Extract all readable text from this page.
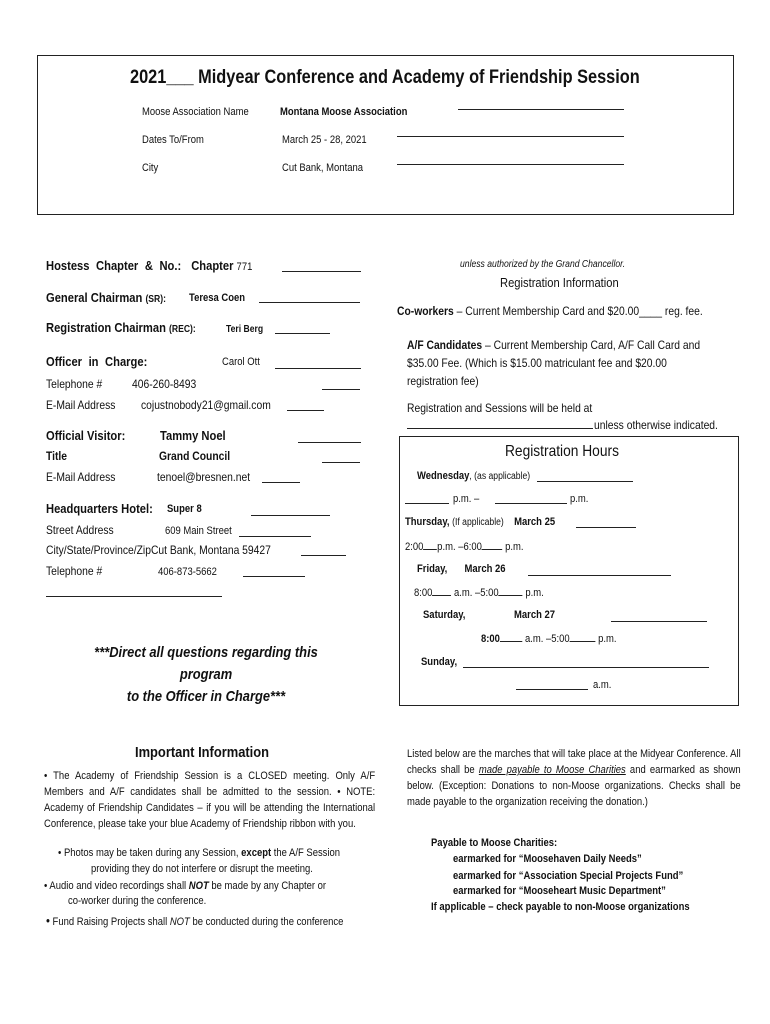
2021___ Midyear Conference and Academy of Friendship Session
Moose Association Name	Montana Moose Association
Dates To/From	March 25 - 28, 2021
City	Cut Bank, Montana
Hostess Chapter & No.: Chapter 771
General Chairman (SR):	Teresa Coen
Registration Chairman (REC):	Teri Berg
Officer in Charge:	Carol Ott
Telephone #	406-260-8493
E-Mail Address	cojustnobody21@gmail.com
Official Visitor:	Tammy Noel
Title	Grand Council
E-Mail Address	tenoel@bresnen.net
Headquarters Hotel:	Super 8
Street Address	609 Main Street
City/State/Province/ZipCut Bank, Montana 59427
Telephone #	406-873-5662
***Direct all questions regarding this program
to the Officer in Charge***
unless authorized by the Grand Chancellor.
Registration Information
Co-workers – Current Membership Card and $20.00____ reg. fee.
A/F Candidates – Current Membership Card, A/F Call Card and
$35.00 Fee. (Which is $15.00 matriculant fee and $20.00
registration fee)
Registration and Sessions will be held at
unless otherwise indicated.
Registration Hours
Wednesday, (as applicable)
p.m. –	p.m.
Thursday, (If applicable) March 25
2:00 p.m. –6:00 p.m.
Friday, March 26
8:00 a.m. –5:00 p.m.
Saturday,	March 27
8:00 a.m. –5:00	p.m.
Sunday,
a.m.
Important Information
• The Academy of Friendship Session is a CLOSED meeting. Only A/F Members and A/F candidates shall be admitted to the session. • NOTE: Academy of Friendship Candidates – if you will be attending the International Conference, please take your blue Academy of Friendship ribbon with you.
• Photos may be taken during any Session, except the A/F Session
providing they do not interfere or disrupt the meeting.
• Audio and video recordings shall NOT be made by any Chapter or
co-worker during the conference.
• Fund Raising Projects shall NOT be conducted during the conference
Listed below are the marches that will take place at the Midyear Conference. All checks shall be made payable to Moose Charities and earmarked as shown below. (Exception: Donations to non-Moose organizations. Checks shall be made payable to the organization receiving the donation.)
Payable to Moose Charities:
earmarked for “Moosehaven Daily Needs”
earmarked for “Association Special Projects Fund”
earmarked for “Mooseheart Music Department”
If applicable – check payable to non-Moose organizations
